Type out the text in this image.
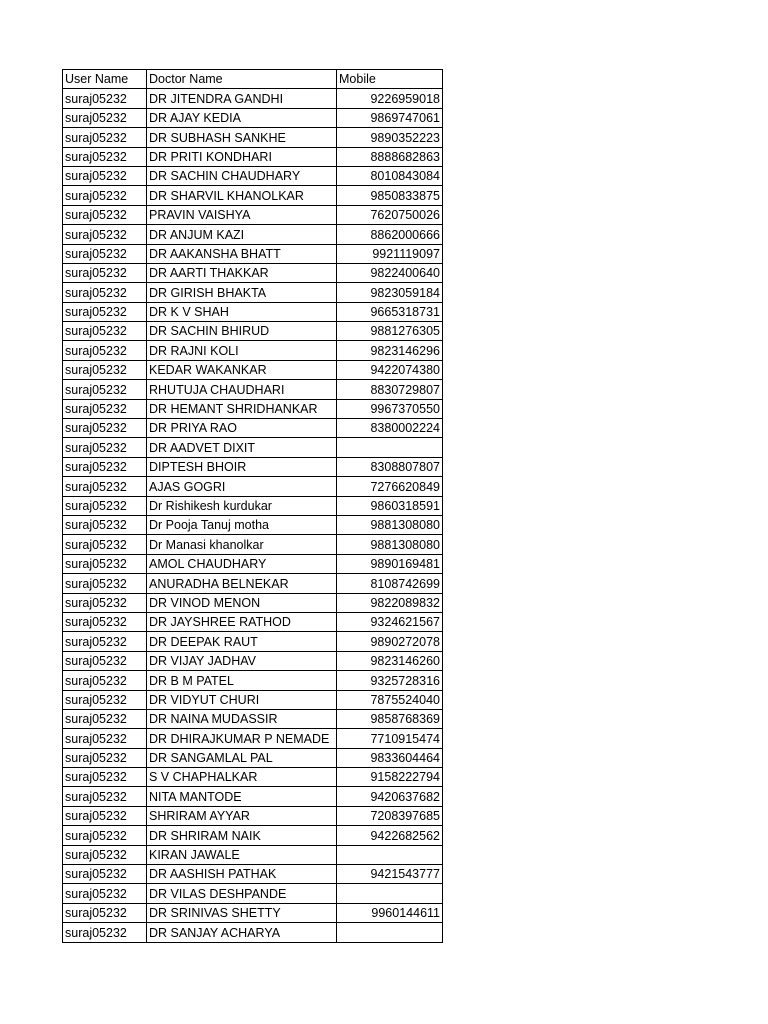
User Name	Doctor Name	Mobile
suraj05232	DR JITENDRA GANDHI	9226959018
suraj05232	DR AJAY KEDIA	9869747061
suraj05232	DR SUBHASH SANKHE	9890352223
suraj05232	DR PRITI KONDHARI	8888682863
suraj05232	DR SACHIN CHAUDHARY	8010843084
suraj05232	DR SHARVIL KHANOLKAR	9850833875
suraj05232	PRAVIN VAISHYA	7620750026
suraj05232	DR ANJUM KAZI	8862000666
suraj05232	DR AAKANSHA BHATT	9921119097
suraj05232	DR AARTI THAKKAR	9822400640
suraj05232	DR GIRISH BHAKTA	9823059184
suraj05232	DR K V SHAH	9665318731
suraj05232	DR SACHIN BHIRUD	9881276305
suraj05232	DR RAJNI KOLI	9823146296
suraj05232	KEDAR WAKANKAR	9422074380
suraj05232	RHUTUJA CHAUDHARI	8830729807
suraj05232	DR HEMANT SHRIDHANKAR	9967370550
suraj05232	DR PRIYA RAO	8380002224
suraj05232	DR AADVET DIXIT	
suraj05232	DIPTESH BHOIR	8308807807
suraj05232	AJAS GOGRI	7276620849
suraj05232	Dr Rishikesh kurdukar	9860318591
suraj05232	Dr Pooja Tanuj motha	9881308080
suraj05232	Dr Manasi khanolkar	9881308080
suraj05232	AMOL CHAUDHARY	9890169481
suraj05232	ANURADHA BELNEKAR	8108742699
suraj05232	DR VINOD MENON	9822089832
suraj05232	DR JAYSHREE RATHOD	9324621567
suraj05232	DR DEEPAK RAUT	9890272078
suraj05232	DR VIJAY JADHAV	9823146260
suraj05232	DR B M PATEL	9325728316
suraj05232	DR VIDYUT CHURI	7875524040
suraj05232	DR NAINA MUDASSIR	9858768369
suraj05232	DR DHIRAJKUMAR P NEMADE	7710915474
suraj05232	DR SANGAMLAL PAL	9833604464
suraj05232	S V CHAPHALKAR	9158222794
suraj05232	NITA MANTODE	9420637682
suraj05232	SHRIRAM AYYAR	7208397685
suraj05232	DR SHRIRAM NAIK	9422682562
suraj05232	KIRAN JAWALE	
suraj05232	DR AASHISH PATHAK	9421543777
suraj05232	DR VILAS DESHPANDE	
suraj05232	DR SRINIVAS SHETTY	9960144611
suraj05232	DR SANJAY ACHARYA	
